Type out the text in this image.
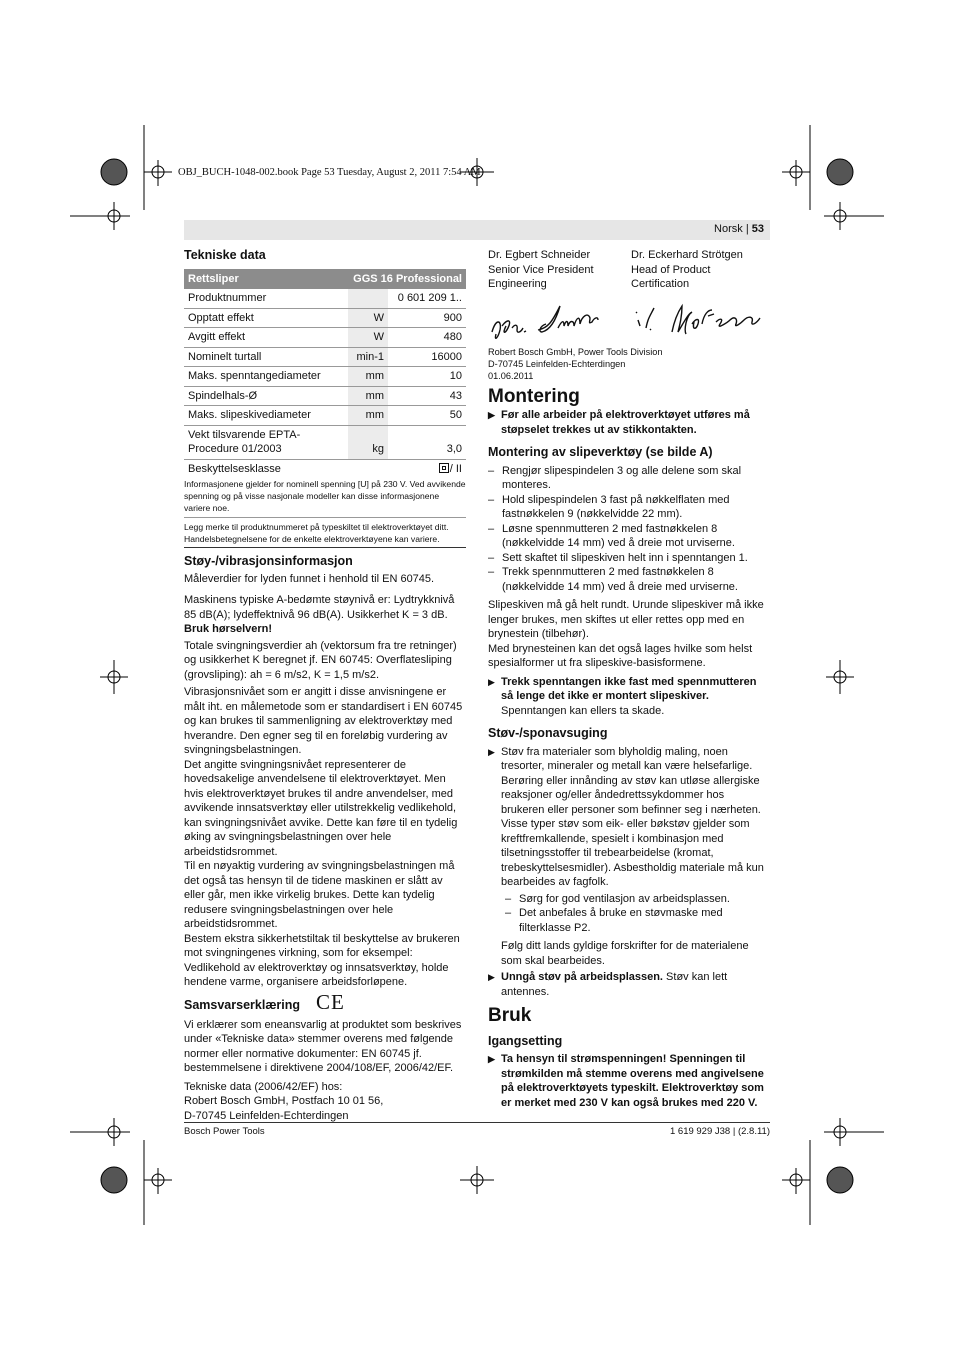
OBJ_BUCH-1048-002.book Page 53 Tuesday, August 2, 2011 7:54 AM
Norsk | 53
Tekniske data
Rettsliper	GGS 16 Professional	
Produktnummer		0 601 209 1..
Opptatt effekt	W	900
Avgitt effekt	W	480
Nominelt turtall	min-1	16000
Maks. spenntangediameter	mm	10
Spindelhals-Ø	mm	43
Maks. slipeskivediameter	mm	50
Vekt tilsvarende EPTA-Procedure 01/2003	kg	3,0
Beskyttelsesklasse		/ II
Informasjonene gjelder for nominell spenning [U] på 230 V. Ved avvikende spenning og på visse nasjonale modeller kan disse informasjonene variere noe.
Legg merke til produktnummeret på typeskiltet til elektroverktøyet ditt. Handelsbetegnelsene for de enkelte elektroverktøyene kan variere.
Støy-/vibrasjonsinformasjon

Måleverdier for lyden funnet i henhold til EN 60745.

Maskinens typiske A-bedømte støynivå er: Lydtrykknivå 85 dB(A); lydeffektnivå 96 dB(A). Usikkerhet K = 3 dB.

Bruk hørselvern!

Totale svingningsverdier ah (vektorsum fra tre retninger) og usikkerhet K beregnet jf. EN 60745: Overflatesliping (grovsliping): ah = 6 m/s2, K = 1,5 m/s2.

Vibrasjonsnivået som er angitt i disse anvisningene er målt iht. en målemetode som er standardisert i EN 60745 og kan brukes til sammenligning av elektroverktøy med hverandre. Den egner seg til en foreløbig vurdering av svingningsbelastningen.

Det angitte svingningsnivået representerer de hovedsakelige anvendelsene til elektroverktøyet. Men hvis elektroverktøyet brukes til andre anvendelser, med avvikende innsatsverktøy eller utilstrekkelig vedlikehold, kan svingningsnivået avvike. Dette kan føre til en tydelig øking av svingningsbelastningen over hele arbeidstidsrommet.

Til en nøyaktig vurdering av svingningsbelastningen må det også tas hensyn til de tidene maskinen er slått av eller går, men ikke virkelig brukes. Dette kan tydelig redusere svingningsbelastningen over hele arbeidstidsrommet.

Bestem ekstra sikkerhetstiltak til beskyttelse av brukeren mot svingningenes virkning, som for eksempel: Vedlikehold av elektroverktøy og innsatsverktøy, holde hendene varme, organisere arbeidsforløpene.

Samsvarserklæring CE

Vi erklærer som eneansvarlig at produktet som beskrives under «Tekniske data» stemmer overens med følgende normer eller normative dokumenter: EN 60745 jf. bestemmelsene i direktivene 2004/108/EF, 2006/42/EF.

Tekniske data (2006/42/EF) hos:

Robert Bosch GmbH, Postfach 10 01 56,

D-70745 Leinfelden-Echterdingen

Dr. Egbert Schneider
Senior Vice President
Engineering
Dr. Eckerhard Strötgen
Head of Product
Certification
Robert Bosch GmbH, Power Tools Division
D-70745 Leinfelden-Echterdingen
01.06.2011
Montering
▶ Før alle arbeider på elektroverktøyet utføres må støpselet trekkes ut av stikkontakten.
Montering av slipeverktøy (se bilde A)
– Rengjør slipespindelen 3 og alle delene som skal monteres.
– Hold slipespindelen 3 fast på nøkkelflaten med fastnøkkelen 9 (nøkkelvidde 22 mm).
– Løsne spennmutteren 2 med fastnøkkelen 8 (nøkkelvidde 14 mm) ved å dreie mot urviserne.
– Sett skaftet til slipeskiven helt inn i spenntangen 1.
– Trekk spennmutteren 2 med fastnøkkelen 8 (nøkkelvidde 14 mm) ved å dreie med urviserne.

Slipeskiven må gå helt rundt. Urunde slipeskiver må ikke lenger brukes, men skiftes ut eller rettes opp med en brynestein (tilbehør).

Med brynesteinen kan det også lages hvilke som helst spesialformer ut fra slipeskive-basisformene.

▶ Trekk spenntangen ikke fast med spennmutteren så lenge det ikke er montert slipeskiver. Spenntangen kan ellers ta skade.
Støv-/sponavsuging
▶ Støv fra materialer som blyholdig maling, noen tresorter, mineraler og metall kan være helsefarlige. Berøring eller innånding av støv kan utløse allergiske reaksjoner og/eller åndedrettssykdommer hos brukeren eller personer som befinner seg i nærheten.

Visse typer støv som eik- eller bøkstøv gjelder som kreftfremkallende, spesielt i kombinasjon med tilsetningsstoffer til trebearbeidelse (kromat, trebeskyttelsesmidler). Asbestholdig materiale må kun bearbeides av fagfolk.

– Sørg for god ventilasjon av arbeidsplassen.
– Det anbefales å bruke en støvmaske med filterklasse P2.

Følg ditt lands gyldige forskrifter for de materialene som skal bearbeides.

▶ Unngå støv på arbeidsplassen. Støv kan lett antennes.
Bruk
Igangsetting
▶ Ta hensyn til strømspenningen! Spenningen til strømkilden må stemme overens med angivelsene på elektroverktøyets typeskilt. Elektroverktøy som er merket med 230 V kan også brukes med 220 V.
Bosch Power Tools	1 619 929 J38 | (2.8.11)
